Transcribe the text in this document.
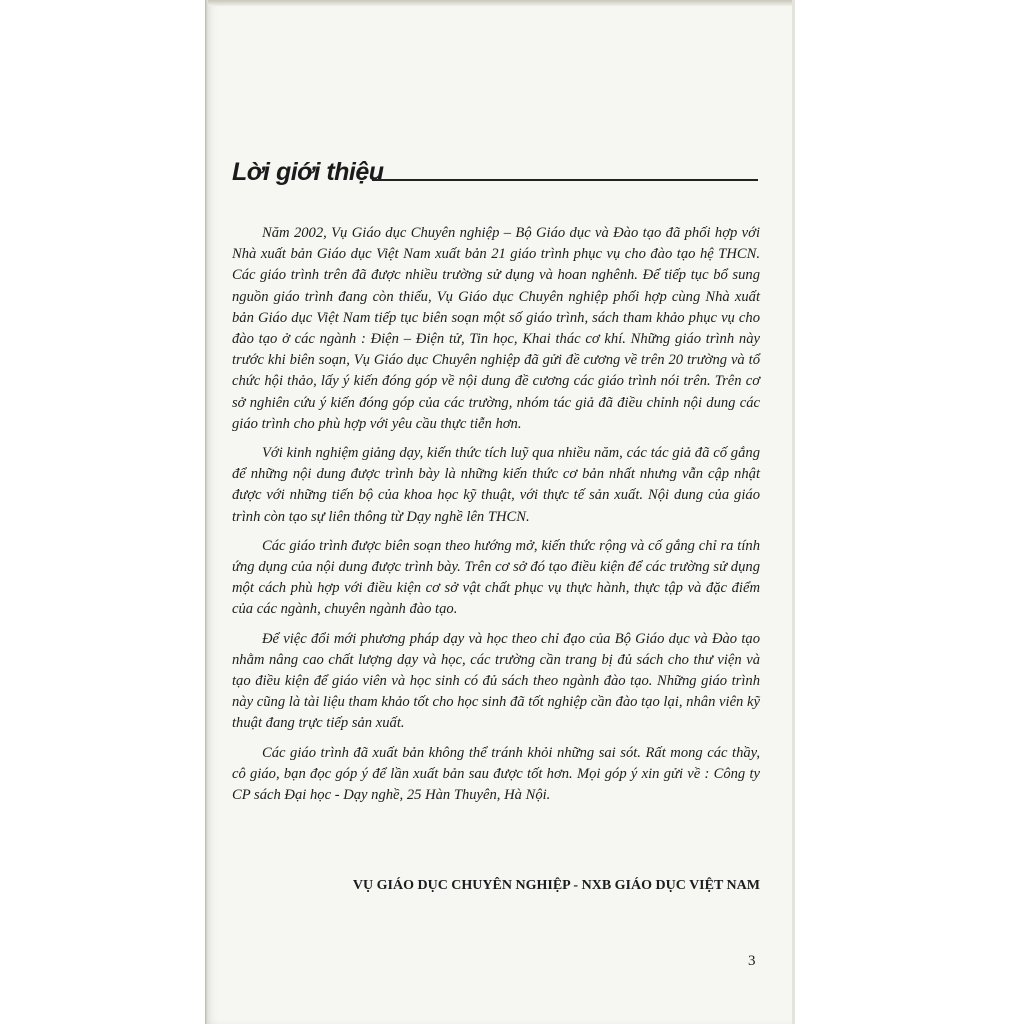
Lời giới thiệu

Năm 2002, Vụ Giáo dục Chuyên nghiệp – Bộ Giáo dục và Đào tạo đã phối hợp với Nhà xuất bản Giáo dục Việt Nam xuất bản 21 giáo trình phục vụ cho đào tạo hệ THCN. Các giáo trình trên đã được nhiều trường sử dụng và hoan nghênh. Để tiếp tục bổ sung nguồn giáo trình đang còn thiếu, Vụ Giáo dục Chuyên nghiệp phối hợp cùng Nhà xuất bản Giáo dục Việt Nam tiếp tục biên soạn một số giáo trình, sách tham khảo phục vụ cho đào tạo ở các ngành : Điện – Điện tử, Tin học, Khai thác cơ khí. Những giáo trình này trước khi biên soạn, Vụ Giáo dục Chuyên nghiệp đã gửi đề cương về trên 20 trường và tổ chức hội thảo, lấy ý kiến đóng góp về nội dung đề cương các giáo trình nói trên. Trên cơ sở nghiên cứu ý kiến đóng góp của các trường, nhóm tác giả đã điều chỉnh nội dung các giáo trình cho phù hợp với yêu cầu thực tiễn hơn.

Với kinh nghiệm giảng dạy, kiến thức tích luỹ qua nhiều năm, các tác giả đã cố gắng để những nội dung được trình bày là những kiến thức cơ bản nhất nhưng vẫn cập nhật được với những tiến bộ của khoa học kỹ thuật, với thực tế sản xuất. Nội dung của giáo trình còn tạo sự liên thông từ Dạy nghề lên THCN.

Các giáo trình được biên soạn theo hướng mở, kiến thức rộng và cố gắng chỉ ra tính ứng dụng của nội dung được trình bày. Trên cơ sở đó tạo điều kiện để các trường sử dụng một cách phù hợp với điều kiện cơ sở vật chất phục vụ thực hành, thực tập và đặc điểm của các ngành, chuyên ngành đào tạo.

Để việc đổi mới phương pháp dạy và học theo chỉ đạo của Bộ Giáo dục và Đào tạo nhằm nâng cao chất lượng dạy và học, các trường cần trang bị đủ sách cho thư viện và tạo điều kiện để giáo viên và học sinh có đủ sách theo ngành đào tạo. Những giáo trình này cũng là tài liệu tham khảo tốt cho học sinh đã tốt nghiệp cần đào tạo lại, nhân viên kỹ thuật đang trực tiếp sản xuất.

Các giáo trình đã xuất bản không thể tránh khỏi những sai sót. Rất mong các thầy, cô giáo, bạn đọc góp ý để lần xuất bản sau được tốt hơn. Mọi góp ý xin gửi về : Công ty CP sách Đại học - Dạy nghề, 25 Hàn Thuyên, Hà Nội.

VỤ GIÁO DỤC CHUYÊN NGHIỆP - NXB GIÁO DỤC VIỆT NAM
3
